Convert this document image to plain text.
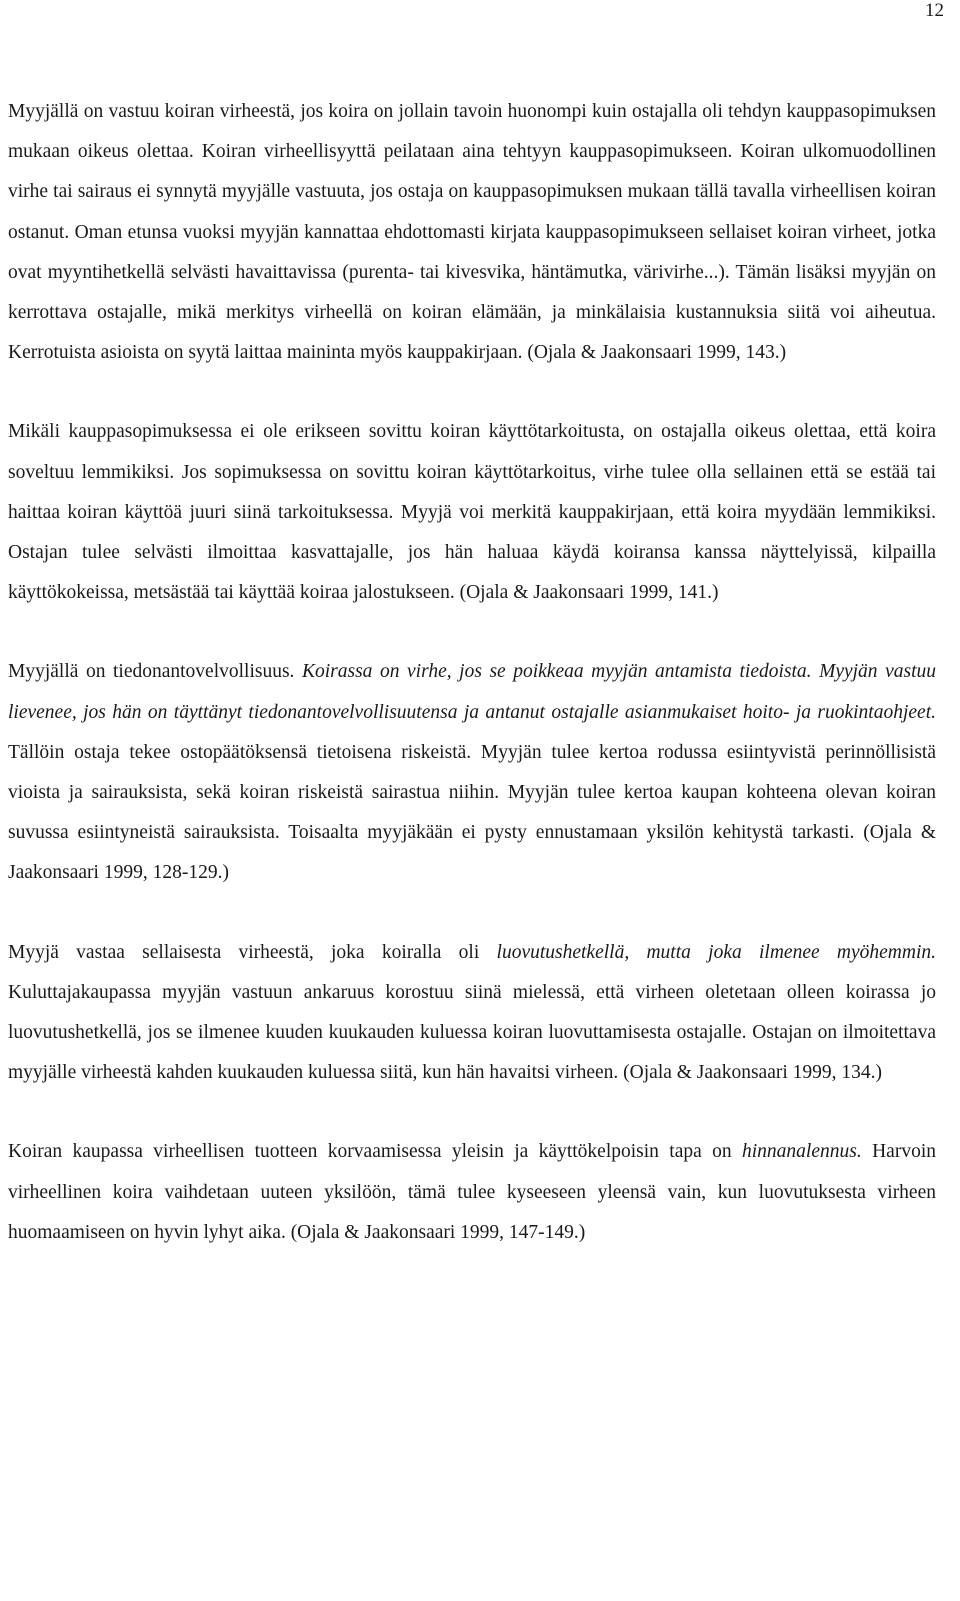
12

Myyjällä on vastuu koiran virheestä, jos koira on jollain tavoin huonompi kuin ostajalla oli tehdyn kauppasopimuksen mukaan oikeus olettaa. Koiran virheellisyyttä peilataan aina tehtyyn kauppasopimukseen. Koiran ulkomuodollinen virhe tai sairaus ei synnytä myyjälle vastuuta, jos ostaja on kauppasopimuksen mukaan tällä tavalla virheellisen koiran ostanut. Oman etunsa vuoksi myyjän kannattaa ehdottomasti kirjata kauppasopimukseen sellaiset koiran virheet, jotka ovat myyntihetkellä selvästi havaittavissa (purenta- tai kivesvika, häntämutka, värivirhe...). Tämän lisäksi myyjän on kerrottava ostajalle, mikä merkitys virheellä on koiran elämään, ja minkälaisia kustannuksia siitä voi aiheutua. Kerrotuista asioista on syytä laittaa maininta myös kauppakirjaan. (Ojala & Jaakonsaari 1999, 143.)

Mikäli kauppasopimuksessa ei ole erikseen sovittu koiran käyttötarkoitusta, on ostajalla oikeus olettaa, että koira soveltuu lemmikiksi. Jos sopimuksessa on sovittu koiran käyttötarkoitus, virhe tulee olla sellainen että se estää tai haittaa koiran käyttöä juuri siinä tarkoituksessa. Myyjä voi merkitä kauppakirjaan, että koira myydään lemmikiksi. Ostajan tulee selvästi ilmoittaa kasvattajalle, jos hän haluaa käydä koiransa kanssa näyttelyissä, kilpailla käyttökokeissa, metsästää tai käyttää koiraa jalostukseen. (Ojala & Jaakonsaari 1999, 141.)

Myyjällä on tiedonantovelvollisuus. Koirassa on virhe, jos se poikkeaa myyjän antamista tiedoista. Myyjän vastuu lievenee, jos hän on täyttänyt tiedonantovelvollisuutensa ja antanut ostajalle asianmukaiset hoito- ja ruokintaohjeet. Tällöin ostaja tekee ostopäätöksensä tietoisena riskeistä. Myyjän tulee kertoa rodussa esiintyvistä perinnöllisistä vioista ja sairauksista, sekä koiran riskeistä sairastua niihin. Myyjän tulee kertoa kaupan kohteena olevan koiran suvussa esiintyneistä sairauksista. Toisaalta myyjäkään ei pysty ennustamaan yksilön kehitystä tarkasti. (Ojala & Jaakonsaari 1999, 128-129.)

Myyjä vastaa sellaisesta virheestä, joka koiralla oli luovutushetkellä, mutta joka ilmenee myöhemmin. Kuluttajakaupassa myyjän vastuun ankaruus korostuu siinä mielessä, että virheen oletetaan olleen koirassa jo luovutushetkellä, jos se ilmenee kuuden kuukauden kuluessa koiran luovuttamisesta ostajalle. Ostajan on ilmoitettava myyjälle virheestä kahden kuukauden kuluessa siitä, kun hän havaitsi virheen. (Ojala & Jaakonsaari 1999, 134.)

Koiran kaupassa virheellisen tuotteen korvaamisessa yleisin ja käyttökelpoisin tapa on hinnanalennus. Harvoin virheellinen koira vaihdetaan uuteen yksilöön, tämä tulee kyseeseen yleensä vain, kun luovutuksesta virheen huomaamiseen on hyvin lyhyt aika. (Ojala & Jaakonsaari 1999, 147-149.)
